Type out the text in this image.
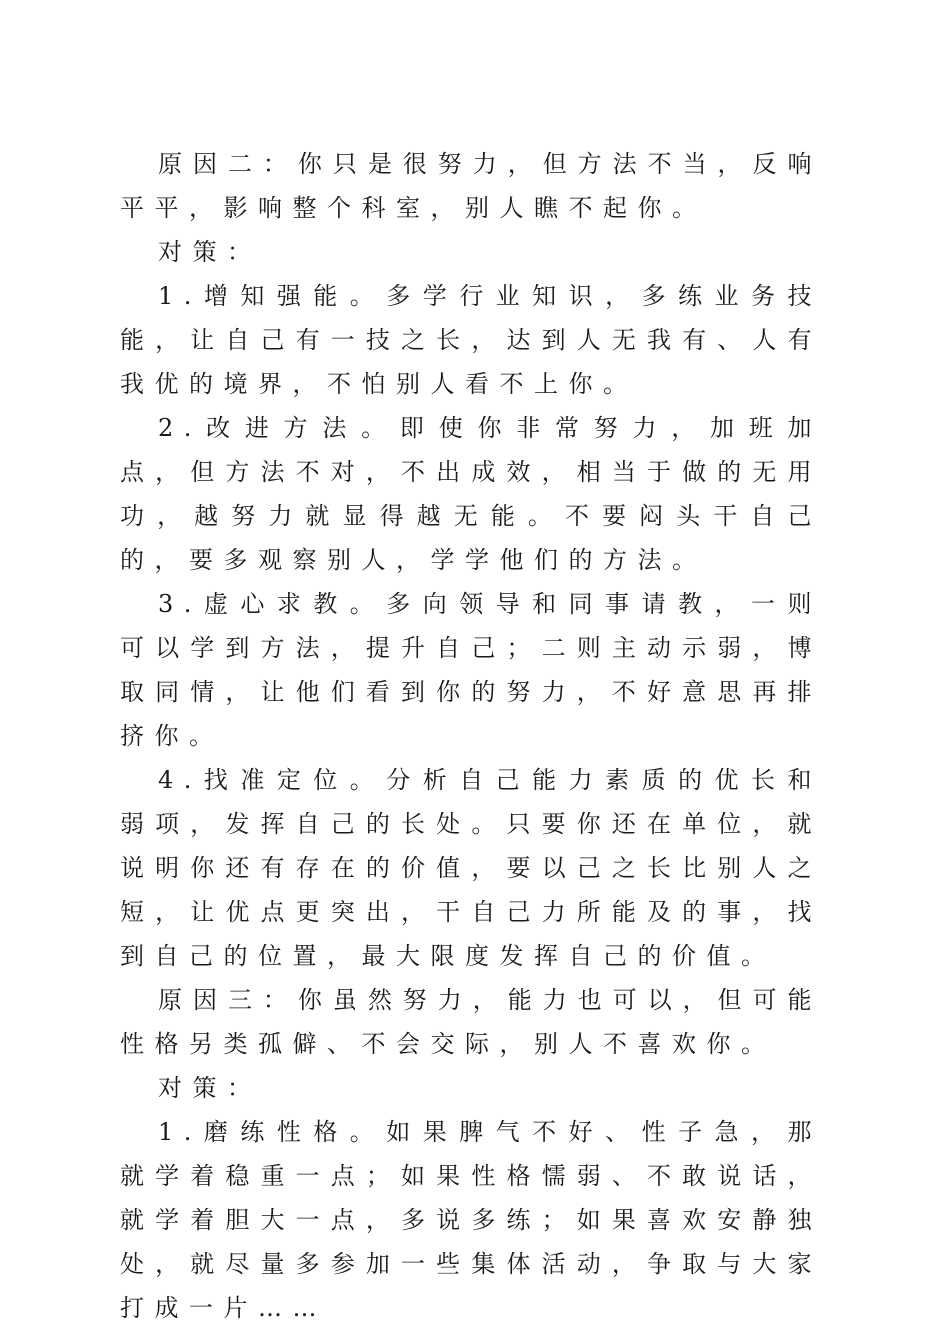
原因二：你只是很努力，但方法不当，反响平平，影响整个科室，别人瞧不起你。

对策：

1.增知强能。多学行业知识，多练业务技能，让自己有一技之长，达到人无我有、人有我优的境界，不怕别人看不上你。

2.改进方法。即使你非常努力，加班加点，但方法不对，不出成效，相当于做的无用功，越努力就显得越无能。不要闷头干自己的，要多观察别人，学学他们的方法。

3.虚心求教。多向领导和同事请教，一则可以学到方法，提升自己；二则主动示弱，博取同情，让他们看到你的努力，不好意思再排挤你。

4.找准定位。分析自己能力素质的优长和弱项，发挥自己的长处。只要你还在单位，就说明你还有存在的价值，要以己之长比别人之短，让优点更突出，干自己力所能及的事，找到自己的位置，最大限度发挥自己的价值。

原因三：你虽然努力，能力也可以，但可能性格另类孤僻、不会交际，别人不喜欢你。

对策：

1.磨练性格。如果脾气不好、性子急，那就学着稳重一点；如果性格懦弱、不敢说话，就学着胆大一点，多说多练；如果喜欢安静独处，就尽量多参加一些集体活动，争取与大家打成一片……
